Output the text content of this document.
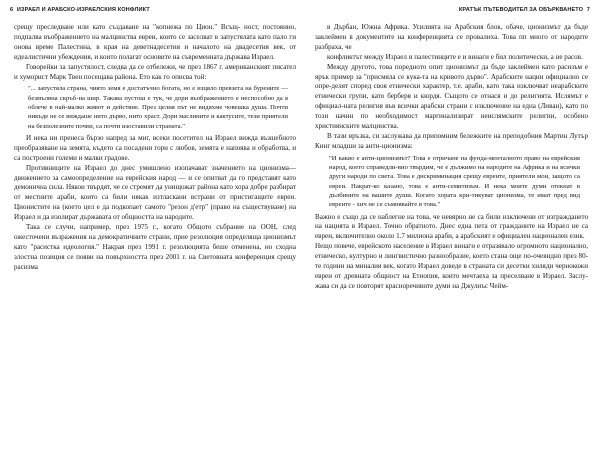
6 ИЗРАЕЛ И АРАБСКО-ИЗРАЕЛСКИЯ КОНФЛИКТ

срещу преследване или като създаване на "копнежа по Цион." Всъщ- ност, постоянно, подпалва въображението на малцинства евреи, които се заселват в запустялата като пало ги онова време Палестина, в края на деветнадесетия и началото на двадесетия век, от идеалистични убеждения, и които полагат основите на съвременната държава Израел.

Говорейки за запустялост, следва да се отбележи, че през 1867 г. американският писател и хуморист Марк Твен посещава района. Ето как го описва той:

"... запустяла страна, чиято земя е достатъчно богата, но е изцяло превзета на бурените — безмълвна скръб-на шир. Такава пустош е тук, че дори въображението е неспособно да я облече в най-малко живот и действие. През целия път не видяхме човешка душа. Почти никъде не се виждаше нито дърво, нито храст. Дори маслините и кактусите, тези приятели на безполезните почви, са почти изоставили страната."

И нека ни пренеса бързо напред за миг, всеки посетител на Израел вижда възшебното преобразяване на земята, където са посадени гори с любов, земята е напоява и обработва, и са построени големи и малки градове.

Противниците на Израел до днес умишлено изопачават значението на ционизма—движението за самоопределение на еврейския народ — и се опитват да го представят като демонична сила. Някои твърдят, че се стремят да унищожат района като хора добре разбират от местните араби, които са били някак изтласкани встрани от пристигащите евреи. Ционистите на (което цел е да подкопает самото "резон д'етр" (право на съществуване) на Израел и да изолират държавата от общността на народите.

Така се случи, например, през 1975 г., когато Общото събрание на ООН, след ожесточени възражения на демократичните страни, прие резолюция определяща ционизмът като "расистка идеология." Накрая през 1991 г. резолюцията беше отменена, но сходна злостна позиция се появи на повърхността през 2001 г. на Световната конференция срещу расизма

КРАТЪК ПЪТЕВОДИТЕЛ ЗА ОБЪРКВАНЕТО 7

в Дърбан, Южна Африка. Усилията на Арабския блок, обаче, ционизмът да бъде заклеймен в документите на конференцията се провалиха. Това пп много от народите разбраха, че

конфликтът между Израел и палестинците е и винаги е бил политически, а не расов.

Между другото, това поредното опит ционизмът да бъде заклеймен като расизъм е ярък пример за "присмяла се кука-та на кривото дърво". Арабските нации официално се опре-делят според своя етнически характер, т.е. араби, като така изключват неарабските етнически групи, като берберя и кюрдя. Същото се отнася и до религията. Ислямът е официал-ната религия във всички арабски страни с изключение на една (Ливан), като по този начин по необходимост маргинализират неислямските религии, особено християнските малцинства.

В тази връзка, си заслужава да припомним бележките на преподобния Мартин Лутър Кинг младши за анти-ционизма:

"И какво е анти-ционизмът? Това е отричане на фунда-менталното право на еврейския народ, което справедли-вио твърдим, че е дължимо на народите на Африка и на всички други народи по света. Това е дискриминация срещу евреите, приятели мои, защото са евреи. Накрат-ко казано, това е анти-семитизъм. И нека моите думи отекнат в дълбините на вашите души. Когато хората кри-тикуват ционизма, те имат пред вид евреите - хич не се съмнявайте в това."

Важно е също да се наблегне на това, че невярно не са били изключени от изграждането на нацията в Израел. Точно обратното. Днес една пета от гражданите на Израел не са евреи, включително около 1.7 милиона араби, а арабският е официален национален език.

Нещо повече, еврейското население в Израел винаги е отразявало огромното национално, етническо, културно и лингвистично разнообразие, което стана още по-очевидно през 80- те години на миналия век, когато Израел доведе в страната си десетки хиляди чернокожи евреи от древната общност на Етиопия, които мечтаеха за преселване в Израел. Заслу-жава си да се повторят красноречивите думи на Джулиъс Чейм-
